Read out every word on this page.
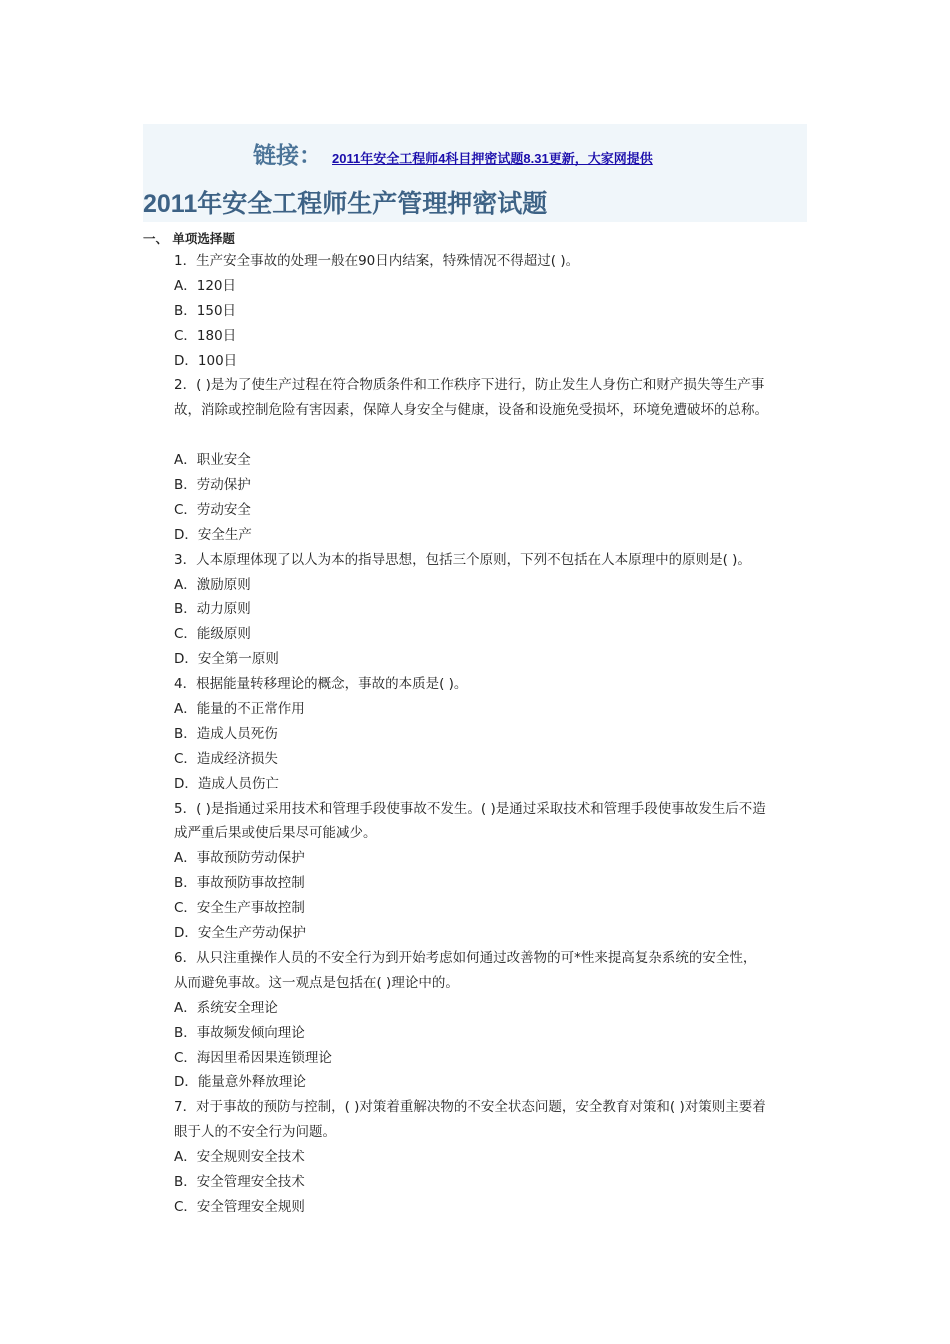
链接： 2011年安全工程师4科目押密试题8.31更新，大家网提供
2011年安全工程师生产管理押密试题
一、 单项选择题
1．生产安全事故的处理一般在90日内结案，特殊情况不得超过( )。
A．120日
B．150日
C．180日
D．100日
2．( )是为了使生产过程在符合物质条件和工作秩序下进行，防止发生人身伤亡和财产损失等生产事
故，消除或控制危险有害因素，保障人身安全与健康，设备和设施免受损坏，环境免遭破坏的总称。
A．职业安全
B．劳动保护
C．劳动安全
D．安全生产
3．人本原理体现了以人为本的指导思想，包括三个原则，下列不包括在人本原理中的原则是( )。
A．激励原则
B．动力原则
C．能级原则
D．安全第一原则
4．根据能量转移理论的概念，事故的本质是( )。
A．能量的不正常作用
B．造成人员死伤
C．造成经济损失
D．造成人员伤亡
5．( )是指通过采用技术和管理手段使事故不发生。( )是通过采取技术和管理手段使事故发生后不造
成严重后果或使后果尽可能减少。
A．事故预防劳动保护
B．事故预防事故控制
C．安全生产事故控制
D．安全生产劳动保护
6．从只注重操作人员的不安全行为到开始考虑如何通过改善物的可*性来提高复杂系统的安全性，
从而避免事故。这一观点是包括在( )理论中的。
A．系统安全理论
B．事故频发倾向理论
C．海因里希因果连锁理论
D．能量意外释放理论
7．对于事故的预防与控制，( )对策着重解决物的不安全状态问题，安全教育对策和( )对策则主要着
眼于人的不安全行为问题。
A．安全规则安全技术
B．安全管理安全技术
C．安全管理安全规则
